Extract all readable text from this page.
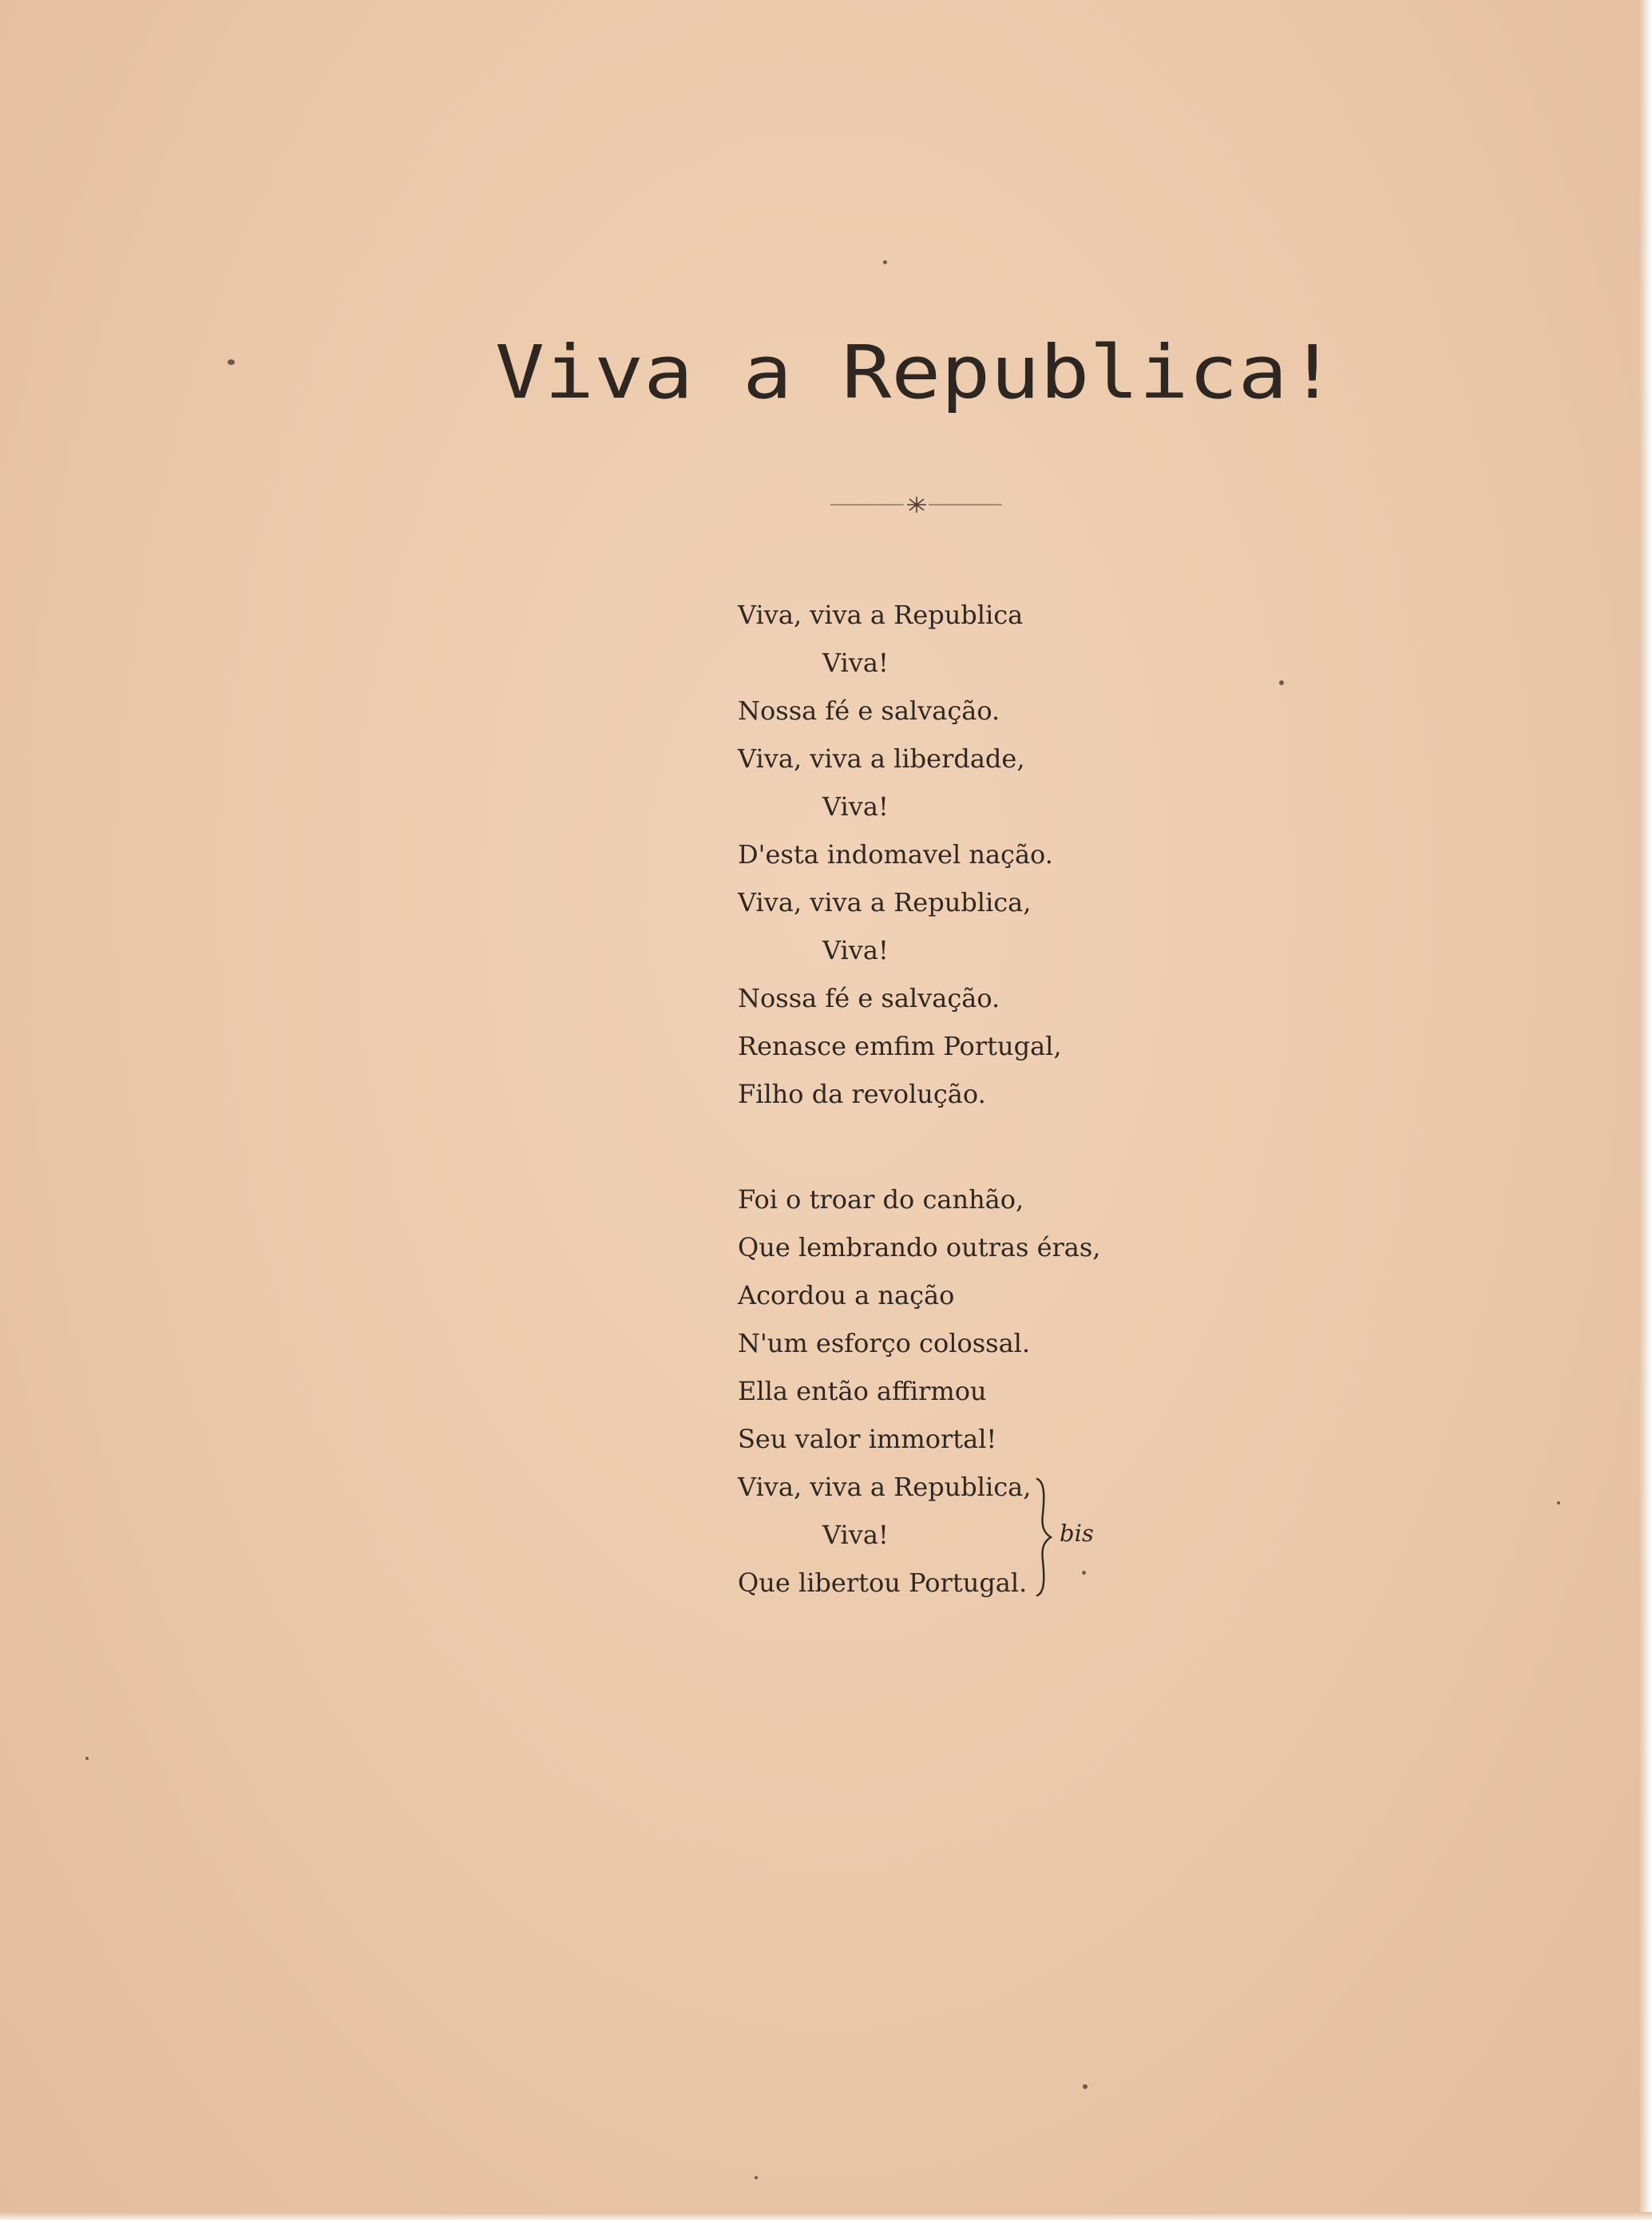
Viva a Republica!
Viva, viva a Republica
Viva!
Nossa fé e salvação.
Viva, viva a liberdade,
Viva!
D'esta indomavel nação.
Viva, viva a Republica,
Viva!
Nossa fé e salvação.
Renasce emfim Portugal,
Filho da revolução.
Foi o troar do canhão,
Que lembrando outras éras,
Acordou a nação
N'um esforço colossal.
Ella então affirmou
Seu valor immortal!
Viva, viva a Republica,
Viva!
Que libertou Portugal.
bis
